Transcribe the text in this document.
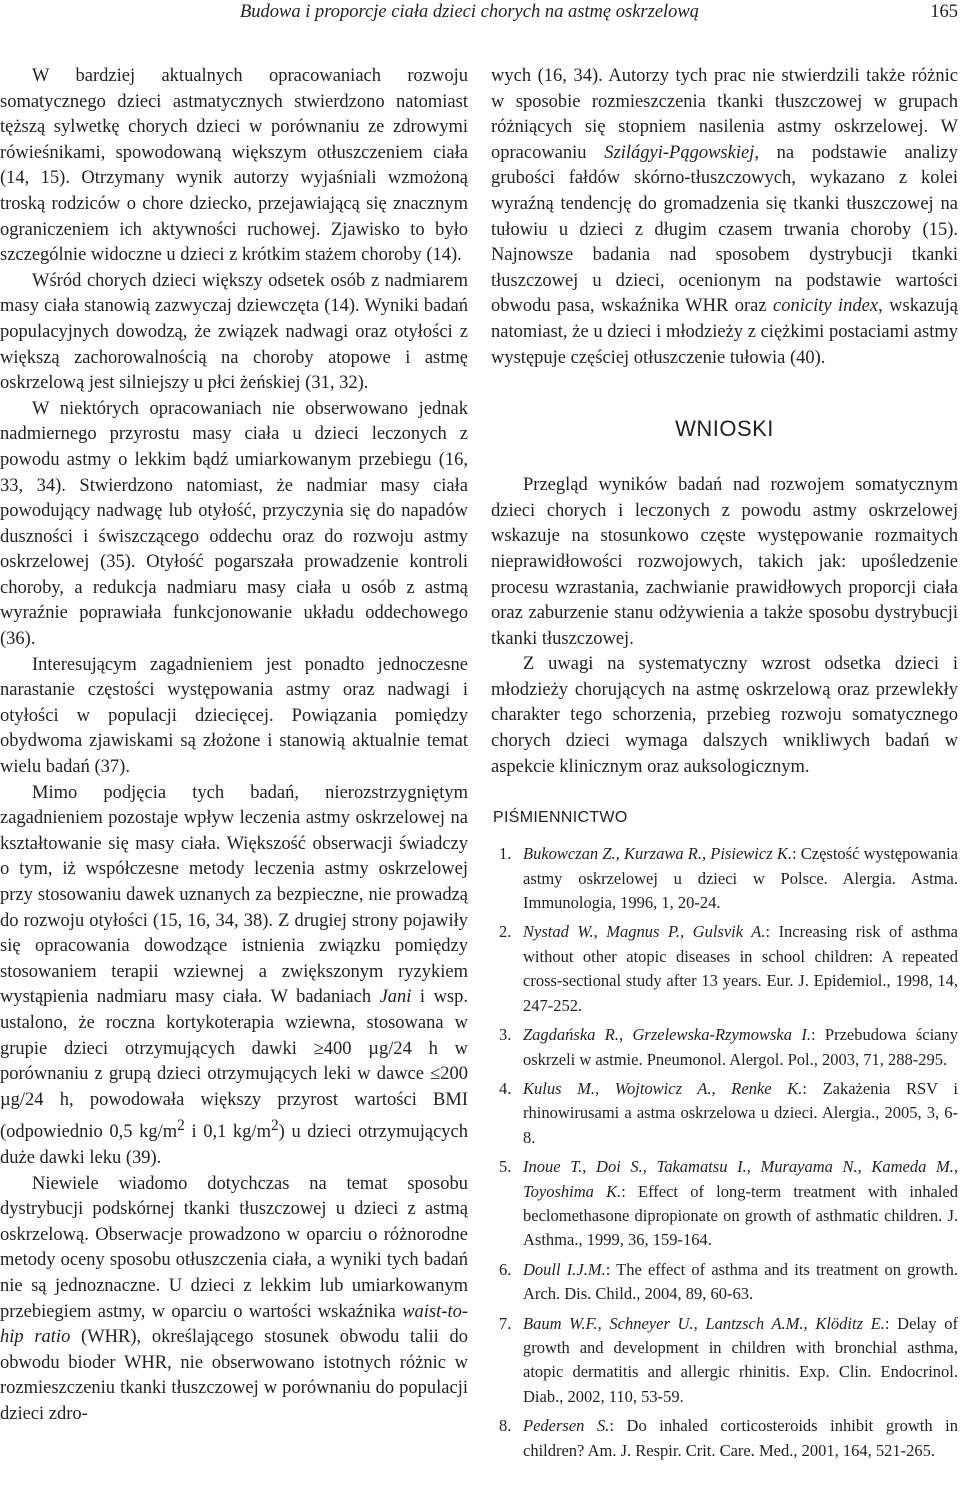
Budowa i proporcje ciała dzieci chorych na astmę oskrzelową	165

W bardziej aktualnych opracowaniach rozwoju somatycznego dzieci astmatycznych stwierdzono natomiast tęższą sylwetkę chorych dzieci w porównaniu ze zdrowymi rówieśnikami, spowodowaną większym otłuszczeniem ciała (14, 15). Otrzymany wynik autorzy wyjaśniali wzmożoną troską rodziców o chore dziecko, przejawiającą się znacznym ograniczeniem ich aktywności ruchowej. Zjawisko to było szczególnie widoczne u dzieci z krótkim stażem choroby (14).

Wśród chorych dzieci większy odsetek osób z nadmiarem masy ciała stanowią zazwyczaj dziewczęta (14). Wyniki badań populacyjnych dowodzą, że związek nadwagi oraz otyłości z większą zachorowalnością na choroby atopowe i astmę oskrzelową jest silniejszy u płci żeńskiej (31, 32).

W niektórych opracowaniach nie obserwowano jednak nadmiernego przyrostu masy ciała u dzieci leczonych z powodu astmy o lekkim bądź umiarkowanym przebiegu (16, 33, 34). Stwierdzono natomiast, że nadmiar masy ciała powodujący nadwagę lub otyłość, przyczynia się do napadów duszności i świszczącego oddechu oraz do rozwoju astmy oskrzelowej (35). Otyłość pogarszała prowadzenie kontroli choroby, a redukcja nadmiaru masy ciała u osób z astmą wyraźnie poprawiała funkcjonowanie układu oddechowego (36).

Interesującym zagadnieniem jest ponadto jednoczesne narastanie częstości występowania astmy oraz nadwagi i otyłości w populacji dziecięcej. Powiązania pomiędzy obydwoma zjawiskami są złożone i stanowią aktualnie temat wielu badań (37).

Mimo podjęcia tych badań, nierozstrzygniętym zagadnieniem pozostaje wpływ leczenia astmy oskrzelowej na kształtowanie się masy ciała. Większość obserwacji świadczy o tym, iż współczesne metody leczenia astmy oskrzelowej przy stosowaniu dawek uznanych za bezpieczne, nie prowadzą do rozwoju otyłości (15, 16, 34, 38). Z drugiej strony pojawiły się opracowania dowodzące istnienia związku pomiędzy stosowaniem terapii wziewnej a zwiększonym ryzykiem wystąpienia nadmiaru masy ciała. W badaniach Jani i wsp. ustalono, że roczna kortykoterapia wziewna, stosowana w grupie dzieci otrzymujących dawki ≥400 µg/24 h w porównaniu z grupą dzieci otrzymujących leki w dawce ≤200 µg/24 h, powodowała większy przyrost wartości BMI (odpowiednio 0,5 $kg/m^2$ i 0,1 $kg/m^2$) u dzieci otrzymujących duże dawki leku (39).

Niewiele wiadomo dotychczas na temat sposobu dystrybucji podskórnej tkanki tłuszczowej u dzieci z astmą oskrzelową. Obserwacje prowadzono w oparciu o różnorodne metody oceny sposobu otłuszczenia ciała, a wyniki tych badań nie są jednoznaczne. U dzieci z lekkim lub umiarkowanym przebiegiem astmy, w oparciu o wartości wskaźnika waist-to-hip ratio (WHR), określającego stosunek obwodu talii do obwodu bioder WHR, nie obserwowano istotnych różnic w rozmieszczeniu tkanki tłuszczowej w porównaniu do populacji dzieci zdro-

wych (16, 34). Autorzy tych prac nie stwierdzili także różnic w sposobie rozmieszczenia tkanki tłuszczowej w grupach różniących się stopniem nasilenia astmy oskrzelowej. W opracowaniu Szilágyi-Pągowskiej, na podstawie analizy grubości fałdów skórno-tłuszczowych, wykazano z kolei wyraźną tendencję do gromadzenia się tkanki tłuszczowej na tułowiu u dzieci z długim czasem trwania choroby (15). Najnowsze badania nad sposobem dystrybucji tkanki tłuszczowej u dzieci, ocenionym na podstawie wartości obwodu pasa, wskaźnika WHR oraz conicity index, wskazują natomiast, że u dzieci i młodzieży z ciężkimi postaciami astmy występuje częściej otłuszczenie tułowia (40).

WNIOSKI

Przegląd wyników badań nad rozwojem somatycznym dzieci chorych i leczonych z powodu astmy oskrzelowej wskazuje na stosunkowo częste występowanie rozmaitych nieprawidłowości rozwojowych, takich jak: upośledzenie procesu wzrastania, zachwianie prawidłowych proporcji ciała oraz zaburzenie stanu odżywienia a także sposobu dystrybucji tkanki tłuszczowej.

Z uwagi na systematyczny wzrost odsetka dzieci i młodzieży chorujących na astmę oskrzelową oraz przewlekły charakter tego schorzenia, przebieg rozwoju somatycznego chorych dzieci wymaga dalszych wnikliwych badań w aspekcie klinicznym oraz auksologicznym.

PIŚMIENNICTWO
1. Bukowczan Z., Kurzawa R., Pisiewicz K.: Częstość występowania astmy oskrzelowej u dzieci w Polsce. Alergia. Astma. Immunologia, 1996, 1, 20-24.
2. Nystad W., Magnus P., Gulsvik A.: Increasing risk of asthma without other atopic diseases in school children: A repeated cross-sectional study after 13 years. Eur. J. Epidemiol., 1998, 14, 247-252.
3. Zagdańska R., Grzelewska-Rzymowska I.: Przebudowa ściany oskrzeli w astmie. Pneumonol. Alergol. Pol., 2003, 71, 288-295.
4. Kulus M., Wojtowicz A., Renke K.: Zakażenia RSV i rhinowirusami a astma oskrzelowa u dzieci. Alergia., 2005, 3, 6-8.
5. Inoue T., Doi S., Takamatsu I., Murayama N., Kameda M., Toyoshima K.: Effect of long-term treatment with inhaled beclomethasone dipropionate on growth of asthmatic children. J. Asthma., 1999, 36, 159-164.
6. Doull I.J.M.: The effect of asthma and its treatment on growth. Arch. Dis. Child., 2004, 89, 60-63.
7. Baum W.F., Schneyer U., Lantzsch A.M., Klöditz E.: Delay of growth and development in children with bronchial asthma, atopic dermatitis and allergic rhinitis. Exp. Clin. Endocrinol. Diab., 2002, 110, 53-59.
8. Pedersen S.: Do inhaled corticosteroids inhibit growth in children? Am. J. Respir. Crit. Care. Med., 2001, 164, 521-265.
